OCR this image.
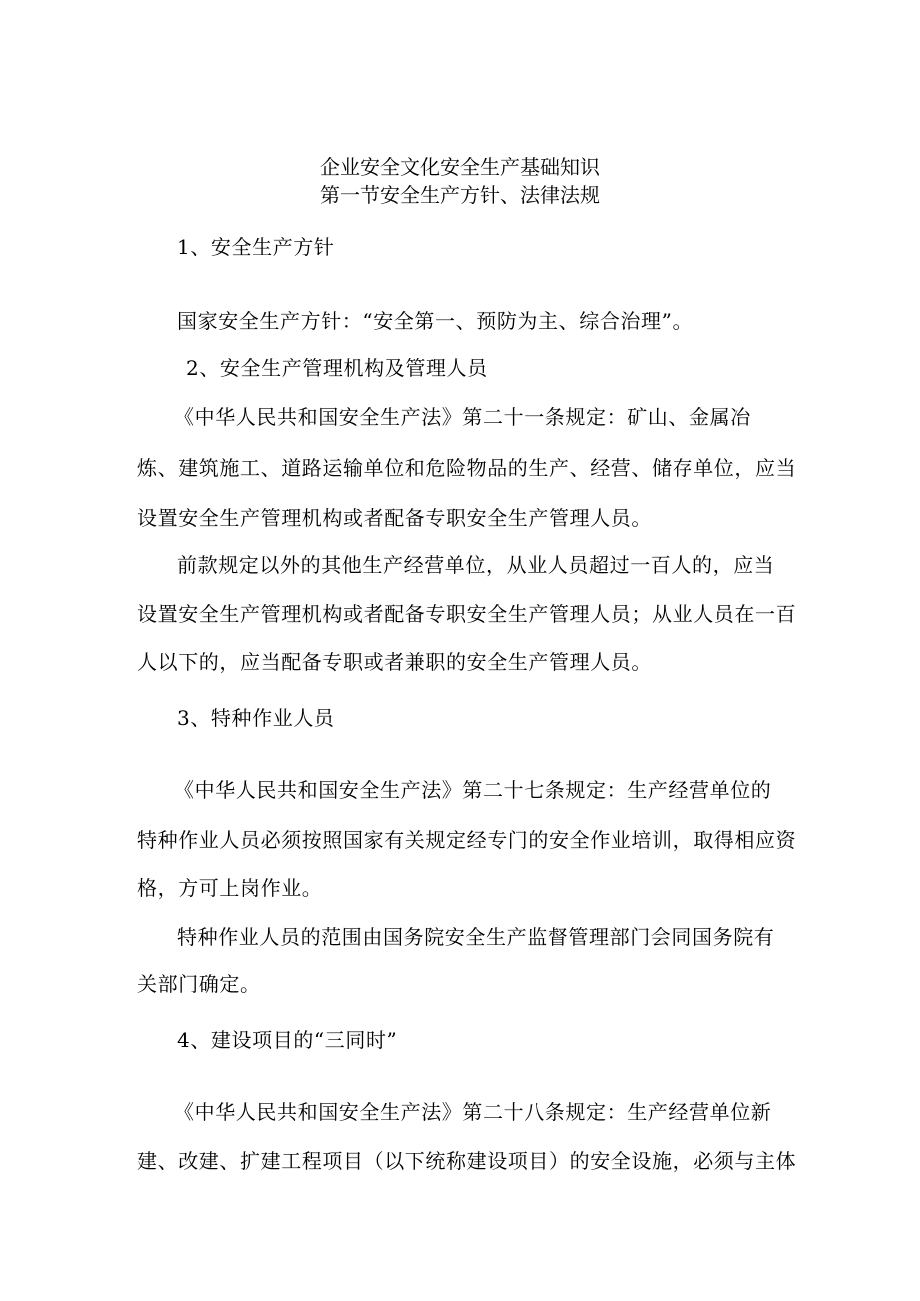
企业安全文化安全生产基础知识
第一节安全生产方针、法律法规
1、安全生产方针
国家安全生产方针：“安全第一、预防为主、综合治理”。
2、安全生产管理机构及管理人员
《中华人民共和国安全生产法》第二十一条规定：矿山、金属冶
炼、建筑施工、道路运输单位和危险物品的生产、经营、储存单位，应当
设置安全生产管理机构或者配备专职安全生产管理人员。
前款规定以外的其他生产经营单位，从业人员超过一百人的，应当
设置安全生产管理机构或者配备专职安全生产管理人员；从业人员在一百
人以下的，应当配备专职或者兼职的安全生产管理人员。
3、特种作业人员
《中华人民共和国安全生产法》第二十七条规定：生产经营单位的
特种作业人员必须按照国家有关规定经专门的安全作业培训，取得相应资
格，方可上岗作业。
特种作业人员的范围由国务院安全生产监督管理部门会同国务院有
关部门确定。
4、建设项目的“三同时”
《中华人民共和国安全生产法》第二十八条规定：生产经营单位新
建、改建、扩建工程项目（以下统称建设项目）的安全设施，必须与主体
